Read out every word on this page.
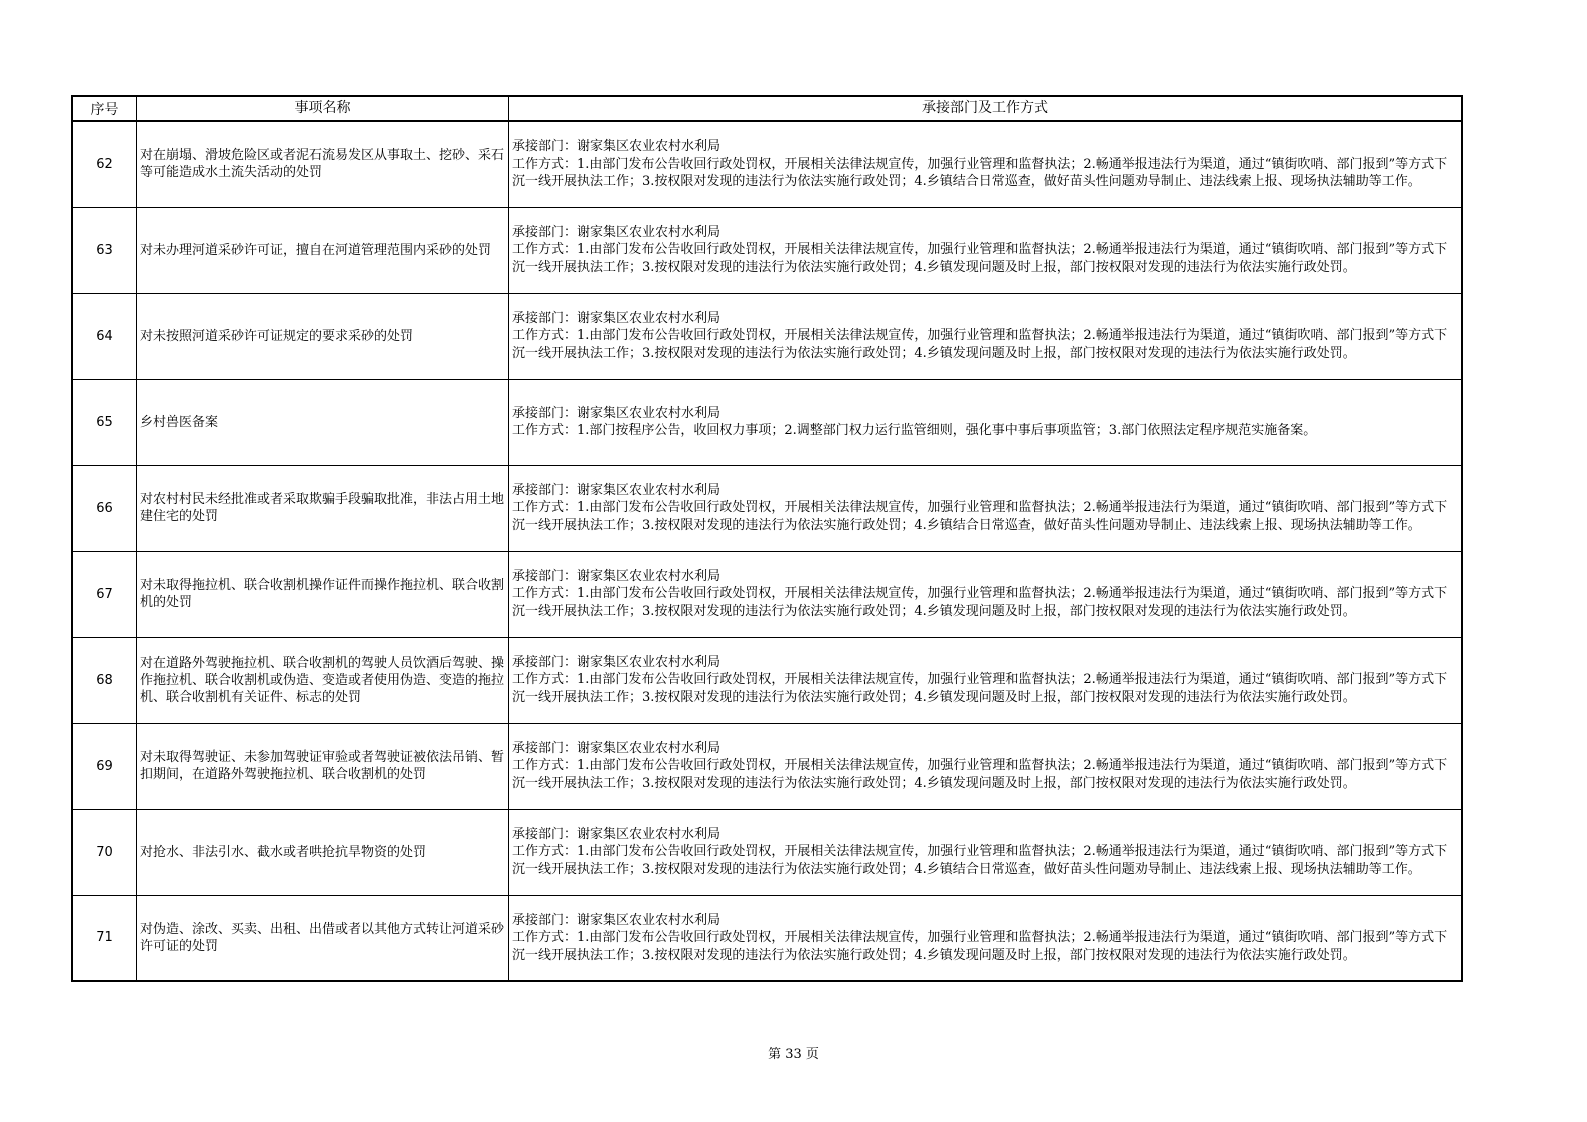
序号	事项名称	承接部门及工作方式
62	对在崩塌、滑坡危险区或者泥石流易发区从事取土、挖砂、采石等可能造成水土流失活动的处罚	承接部门：谢家集区农业农村水利局
工作方式：1.由部门发布公告收回行政处罚权，开展相关法律法规宣传，加强行业管理和监督执法；2.畅通举报违法行为渠道，通过“镇街吹哨、部门报到”等方式下沉一线开展执法工作；3.按权限对发现的违法行为依法实施行政处罚；4.乡镇结合日常巡查，做好苗头性问题劝导制止、违法线索上报、现场执法辅助等工作。

63	对未办理河道采砂许可证，擅自在河道管理范围内采砂的处罚	承接部门：谢家集区农业农村水利局
工作方式：1.由部门发布公告收回行政处罚权，开展相关法律法规宣传，加强行业管理和监督执法；2.畅通举报违法行为渠道，通过“镇街吹哨、部门报到”等方式下沉一线开展执法工作；3.按权限对发现的违法行为依法实施行政处罚；4.乡镇发现问题及时上报，部门按权限对发现的违法行为依法实施行政处罚。

64	对未按照河道采砂许可证规定的要求采砂的处罚	承接部门：谢家集区农业农村水利局
工作方式：1.由部门发布公告收回行政处罚权，开展相关法律法规宣传，加强行业管理和监督执法；2.畅通举报违法行为渠道，通过“镇街吹哨、部门报到”等方式下沉一线开展执法工作；3.按权限对发现的违法行为依法实施行政处罚；4.乡镇发现问题及时上报，部门按权限对发现的违法行为依法实施行政处罚。

65	乡村兽医备案	承接部门：谢家集区农业农村水利局
工作方式：1.部门按程序公告，收回权力事项；2.调整部门权力运行监管细则，强化事中事后事项监管；3.部门依照法定程序规范实施备案。

66	对农村村民未经批准或者采取欺骗手段骗取批准，非法占用土地建住宅的处罚	承接部门：谢家集区农业农村水利局
工作方式：1.由部门发布公告收回行政处罚权，开展相关法律法规宣传，加强行业管理和监督执法；2.畅通举报违法行为渠道，通过“镇街吹哨、部门报到”等方式下沉一线开展执法工作；3.按权限对发现的违法行为依法实施行政处罚；4.乡镇结合日常巡查，做好苗头性问题劝导制止、违法线索上报、现场执法辅助等工作。

67	对未取得拖拉机、联合收割机操作证件而操作拖拉机、联合收割机的处罚	承接部门：谢家集区农业农村水利局
工作方式：1.由部门发布公告收回行政处罚权，开展相关法律法规宣传，加强行业管理和监督执法；2.畅通举报违法行为渠道，通过“镇街吹哨、部门报到”等方式下沉一线开展执法工作；3.按权限对发现的违法行为依法实施行政处罚；4.乡镇发现问题及时上报，部门按权限对发现的违法行为依法实施行政处罚。

68	对在道路外驾驶拖拉机、联合收割机的驾驶人员饮酒后驾驶、操作拖拉机、联合收割机或伪造、变造或者使用伪造、变造的拖拉机、联合收割机有关证件、标志的处罚	承接部门：谢家集区农业农村水利局
工作方式：1.由部门发布公告收回行政处罚权，开展相关法律法规宣传，加强行业管理和监督执法；2.畅通举报违法行为渠道，通过“镇街吹哨、部门报到”等方式下沉一线开展执法工作；3.按权限对发现的违法行为依法实施行政处罚；4.乡镇发现问题及时上报，部门按权限对发现的违法行为依法实施行政处罚。

69	对未取得驾驶证、未参加驾驶证审验或者驾驶证被依法吊销、暂扣期间，在道路外驾驶拖拉机、联合收割机的处罚	承接部门：谢家集区农业农村水利局
工作方式：1.由部门发布公告收回行政处罚权，开展相关法律法规宣传，加强行业管理和监督执法；2.畅通举报违法行为渠道，通过“镇街吹哨、部门报到”等方式下沉一线开展执法工作；3.按权限对发现的违法行为依法实施行政处罚；4.乡镇发现问题及时上报，部门按权限对发现的违法行为依法实施行政处罚。

70	对抢水、非法引水、截水或者哄抢抗旱物资的处罚	承接部门：谢家集区农业农村水利局
工作方式：1.由部门发布公告收回行政处罚权，开展相关法律法规宣传，加强行业管理和监督执法；2.畅通举报违法行为渠道，通过“镇街吹哨、部门报到”等方式下沉一线开展执法工作；3.按权限对发现的违法行为依法实施行政处罚；4.乡镇结合日常巡查，做好苗头性问题劝导制止、违法线索上报、现场执法辅助等工作。

71	对伪造、涂改、买卖、出租、出借或者以其他方式转让河道采砂许可证的处罚	承接部门：谢家集区农业农村水利局
工作方式：1.由部门发布公告收回行政处罚权，开展相关法律法规宣传，加强行业管理和监督执法；2.畅通举报违法行为渠道，通过“镇街吹哨、部门报到”等方式下沉一线开展执法工作；3.按权限对发现的违法行为依法实施行政处罚；4.乡镇发现问题及时上报，部门按权限对发现的违法行为依法实施行政处罚。
第 33 页
